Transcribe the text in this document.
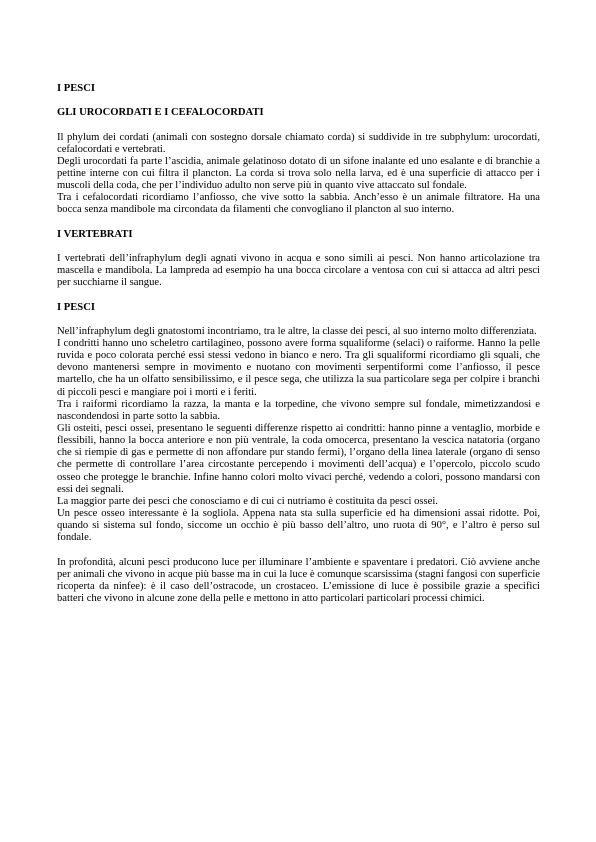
I PESCI
GLI UROCORDATI E I CEFALOCORDATI

Il phylum dei cordati (animali con sostegno dorsale chiamato corda) si suddivide in tre subphylum: urocordati, cefalocordati e vertebrati.

Degli urocordati fa parte l’ascidia, animale gelatinoso dotato di un sifone inalante ed uno esalante e di branchie a pettine interne con cui filtra il plancton. La corda si trova solo nella larva, ed è una superficie di attacco per i muscoli della coda, che per l’individuo adulto non serve più in quanto vive attaccato sul fondale.

Tra i cefalocordati ricordiamo l’anfiosso, che vive sotto la sabbia. Anch’esso è un animale filtratore. Ha una bocca senza mandibole ma circondata da filamenti che convogliano il plancton al suo interno.

I VERTEBRATI

I vertebrati dell’infraphylum degli agnati vivono in acqua e sono simili ai pesci. Non hanno articolazione tra mascella e mandibola. La lampreda ad esempio ha una bocca circolare a ventosa con cui si attacca ad altri pesci per succhiarne il sangue.

I PESCI

Nell’infraphylum degli gnatostomi incontriamo, tra le altre, la classe dei pesci, al suo interno molto differenziata.

I condritti hanno uno scheletro cartilagineo, possono avere forma squaliforme (selaci) o raiforme. Hanno la pelle ruvida e poco colorata perché essi stessi vedono in bianco e nero. Tra gli squaliformi ricordiamo gli squali, che devono mantenersi sempre in movimento e nuotano con movimenti serpentiformi come l’anfiosso, il pesce martello, che ha un olfatto sensibilissimo, e il pesce sega, che utilizza la sua particolare sega per colpire i branchi di piccoli pesci e mangiare poi i morti e i feriti.

Tra i raiformi ricordiamo la razza, la manta e la torpedine, che vivono sempre sul fondale, mimetizzandosi e nascondendosi in parte sotto la sabbia.

Gli osteiti, pesci ossei, presentano le seguenti differenze rispetto ai condritti: hanno pinne a ventaglio, morbide e flessibili, hanno la bocca anteriore e non più ventrale, la coda omocerca, presentano la vescica natatoria (organo che si riempie di gas e permette di non affondare pur stando fermi), l’organo della linea laterale (organo di senso che permette di controllare l’area circostante percependo i movimenti dell’acqua) e l’opercolo, piccolo scudo osseo che protegge le branchie. Infine hanno colori molto vivaci perché, vedendo a colori, possono mandarsi con essi dei segnali.

La maggior parte dei pesci che conosciamo e di cui ci nutriamo è costituita da pesci ossei.

Un pesce osseo interessante è la sogliola. Appena nata sta sulla superficie ed ha dimensioni assai ridotte. Poi, quando si sistema sul fondo, siccome un occhio è più basso dell’altro, uno ruota di 90°, e l’altro è perso sul fondale.

In profondità, alcuni pesci producono luce per illuminare l’ambiente e spaventare i predatori. Ciò avviene anche per animali che vivono in acque più basse ma in cui la luce è comunque scarsissima (stagni fangosi con superficie ricoperta da ninfee): è il caso dell’ostracode, un crostaceo. L’emissione di luce è possibile grazie a specifici batteri che vivono in alcune zone della pelle e mettono in atto particolari particolari processi chimici.
